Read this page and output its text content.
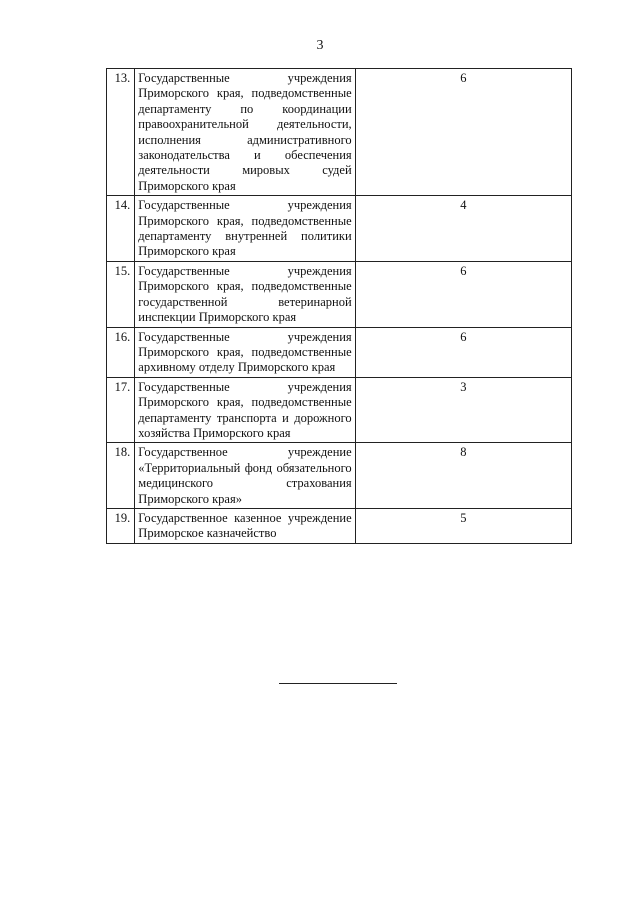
3
13.	Государственные учреждения Приморского края, подведомственные департаменту по координации правоохранительной деятельности, исполнения административного законодательства и обеспечения деятельности мировых судей Приморского края	6
14.	Государственные учреждения Приморского края, подведомственные департаменту внутренней политики Приморского края	4
15.	Государственные учреждения Приморского края, подведомственные государственной ветеринарной инспекции Приморского края	6
16.	Государственные учреждения Приморского края, подведомственные архивному отделу Приморского края	6
17.	Государственные учреждения Приморского края, подведомственные департаменту транспорта и дорожного хозяйства Приморского края	3
18.	Государственное учреждение «Территориальный фонд обязательного медицинского страхования Приморского края»	8
19.	Государственное казенное учреждение Приморское казначейство	5
